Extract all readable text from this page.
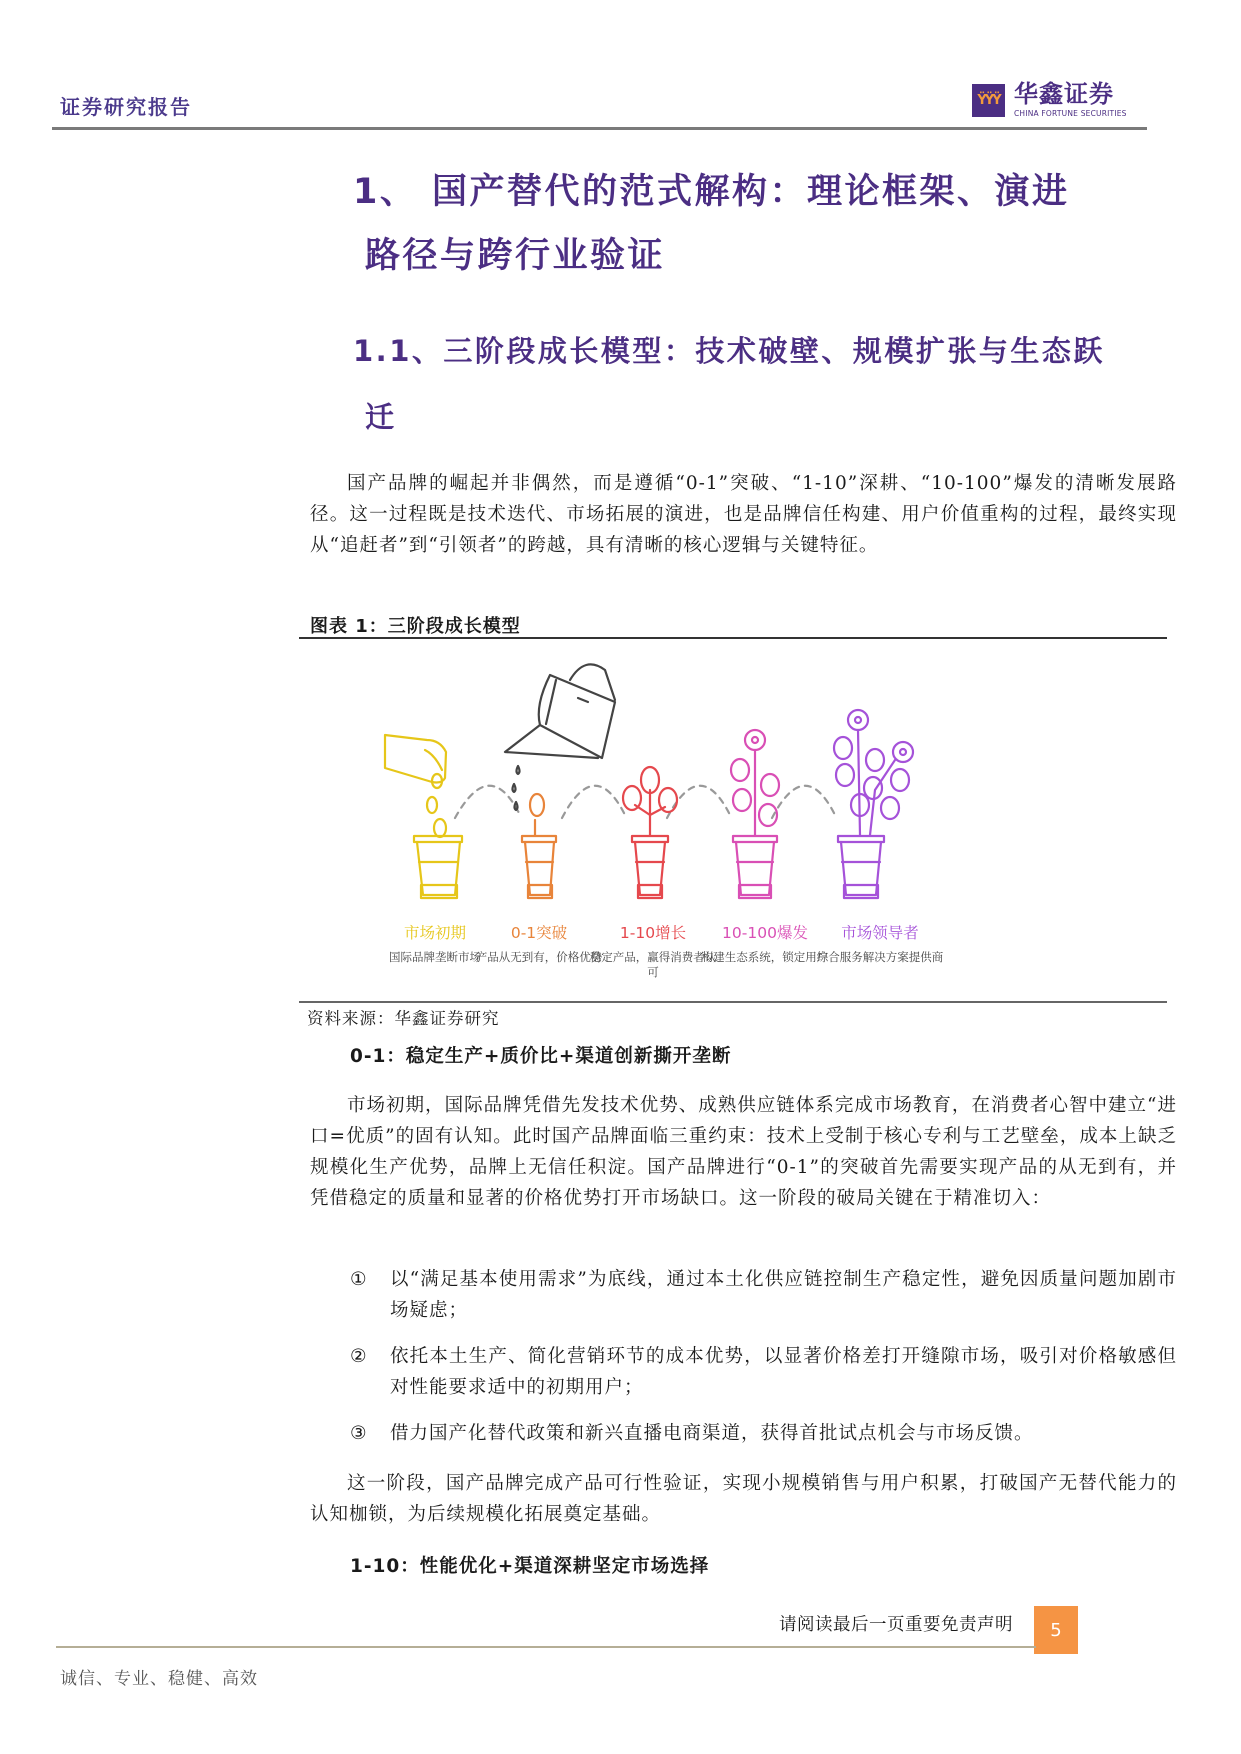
证券研究报告	ŸŸŸ 华鑫证券
CHINA FORTUNE SECURITIES
1、 国产替代的范式解构：理论框架、演进
路径与跨行业验证
1.1、三阶段成长模型：技术破壁、规模扩张与生态跃
迁

国产品牌的崛起并非偶然，而是遵循“0-1”突破、“1-10”深耕、“10-100”爆发的清晰发展路径。这一过程既是技术迭代、市场拓展的演进，也是品牌信任构建、用户价值重构的过程，最终实现从“追赶者”到“引领者”的跨越，具有清晰的核心逻辑与关键特征。

图表 1：三阶段成长模型
市场初期
国际品牌垄断市场
0-1突破
产品从无到有，价格优势
1-10增长
稳定产品，赢得消费者认可
10-100爆发
构建生态系统，锁定用户
市场领导者
综合服务解决方案提供商
资料来源：华鑫证券研究
0-1：稳定生产+质价比+渠道创新撕开垄断

市场初期，国际品牌凭借先发技术优势、成熟供应链体系完成市场教育，在消费者心智中建立“进口=优质”的固有认知。此时国产品牌面临三重约束：技术上受制于核心专利与工艺壁垒，成本上缺乏规模化生产优势，品牌上无信任积淀。国产品牌进行“0-1”的突破首先需要实现产品的从无到有，并凭借稳定的质量和显著的价格优势打开市场缺口。这一阶段的破局关键在于精准切入：

①	以“满足基本使用需求”为底线，通过本土化供应链控制生产稳定性，避免因质量问题加剧市场疑虑；
②	依托本土生产、简化营销环节的成本优势，以显著价格差打开缝隙市场，吸引对价格敏感但对性能要求适中的初期用户；
③	借力国产化替代政策和新兴直播电商渠道，获得首批试点机会与市场反馈。

这一阶段，国产品牌完成产品可行性验证，实现小规模销售与用户积累，打破国产无替代能力的认知枷锁，为后续规模化拓展奠定基础。

1-10：性能优化+渠道深耕坚定市场选择
请阅读最后一页重要免责声明	5
诚信、专业、稳健、高效
